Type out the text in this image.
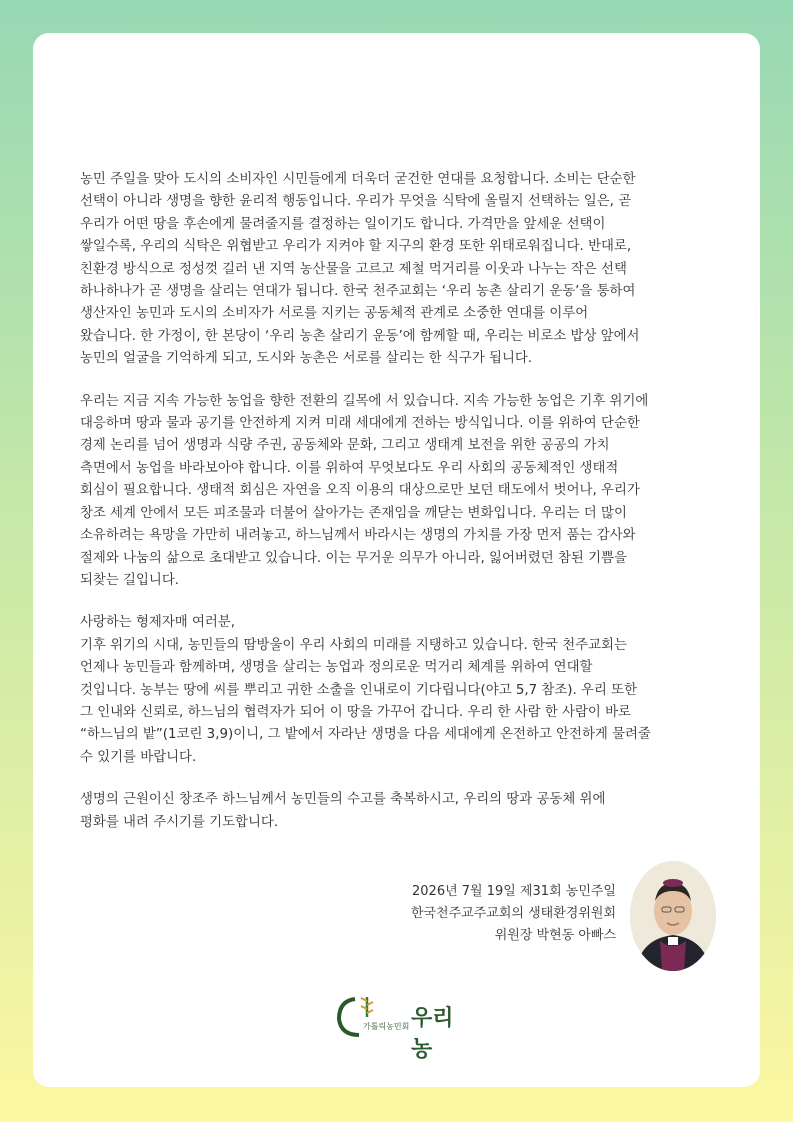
농민 주일을 맞아 도시의 소비자인 시민들에게 더욱더 굳건한 연대를 요청합니다. 소비는 단순한
선택이 아니라 생명을 향한 윤리적 행동입니다. 우리가 무엇을 식탁에 올릴지 선택하는 일은, 곧
우리가 어떤 땅을 후손에게 물려줄지를 결정하는 일이기도 합니다. 가격만을 앞세운 선택이
쌓일수록, 우리의 식탁은 위협받고 우리가 지켜야 할 지구의 환경 또한 위태로워집니다. 반대로,
친환경 방식으로 정성껏 길러 낸 지역 농산물을 고르고 제철 먹거리를 이웃과 나누는 작은 선택
하나하나가 곧 생명을 살리는 연대가 됩니다. 한국 천주교회는 ‘우리 농촌 살리기 운동’을 통하여
생산자인 농민과 도시의 소비자가 서로를 지키는 공동체적 관계로 소중한 연대를 이루어
왔습니다. 한 가정이, 한 본당이 ‘우리 농촌 살리기 운동’에 함께할 때, 우리는 비로소 밥상 앞에서
농민의 얼굴을 기억하게 되고, 도시와 농촌은 서로를 살리는 한 식구가 됩니다.
우리는 지금 지속 가능한 농업을 향한 전환의 길목에 서 있습니다. 지속 가능한 농업은 기후 위기에
대응하며 땅과 물과 공기를 안전하게 지켜 미래 세대에게 전하는 방식입니다. 이를 위하여 단순한
경제 논리를 넘어 생명과 식량 주권, 공동체와 문화, 그리고 생태계 보전을 위한 공공의 가치
측면에서 농업을 바라보아야 합니다. 이를 위하여 무엇보다도 우리 사회의 공동체적인 생태적
회심이 필요합니다. 생태적 회심은 자연을 오직 이용의 대상으로만 보던 태도에서 벗어나, 우리가
창조 세계 안에서 모든 피조물과 더불어 살아가는 존재임을 깨닫는 변화입니다. 우리는 더 많이
소유하려는 욕망을 가만히 내려놓고, 하느님께서 바라시는 생명의 가치를 가장 먼저 품는 감사와
절제와 나눔의 삶으로 초대받고 있습니다. 이는 무거운 의무가 아니라, 잃어버렸던 참된 기쁨을
되찾는 길입니다.
사랑하는 형제자매 여러분,
기후 위기의 시대, 농민들의 땀방울이 우리 사회의 미래를 지탱하고 있습니다. 한국 천주교회는
언제나 농민들과 함께하며, 생명을 살리는 농업과 정의로운 먹거리 체계를 위하여 연대할
것입니다. 농부는 땅에 씨를 뿌리고 귀한 소출을 인내로이 기다립니다(야고 5,7 참조). 우리 또한
그 인내와 신뢰로, 하느님의 협력자가 되어 이 땅을 가꾸어 갑니다. 우리 한 사람 한 사람이 바로
“하느님의 밭”(1코린 3,9)이니, 그 밭에서 자라난 생명을 다음 세대에게 온전하고 안전하게 물려줄
수 있기를 바랍니다.
생명의 근원이신 창조주 하느님께서 농민들의 수고를 축복하시고, 우리의 땅과 공동체 위에
평화를 내려 주시기를 기도합니다.
2026년 7월 19일 제31회 농민주일
한국천주교주교회의 생태환경위원회
위원장 박현동 아빠스
가톨릭농민회 우리농
